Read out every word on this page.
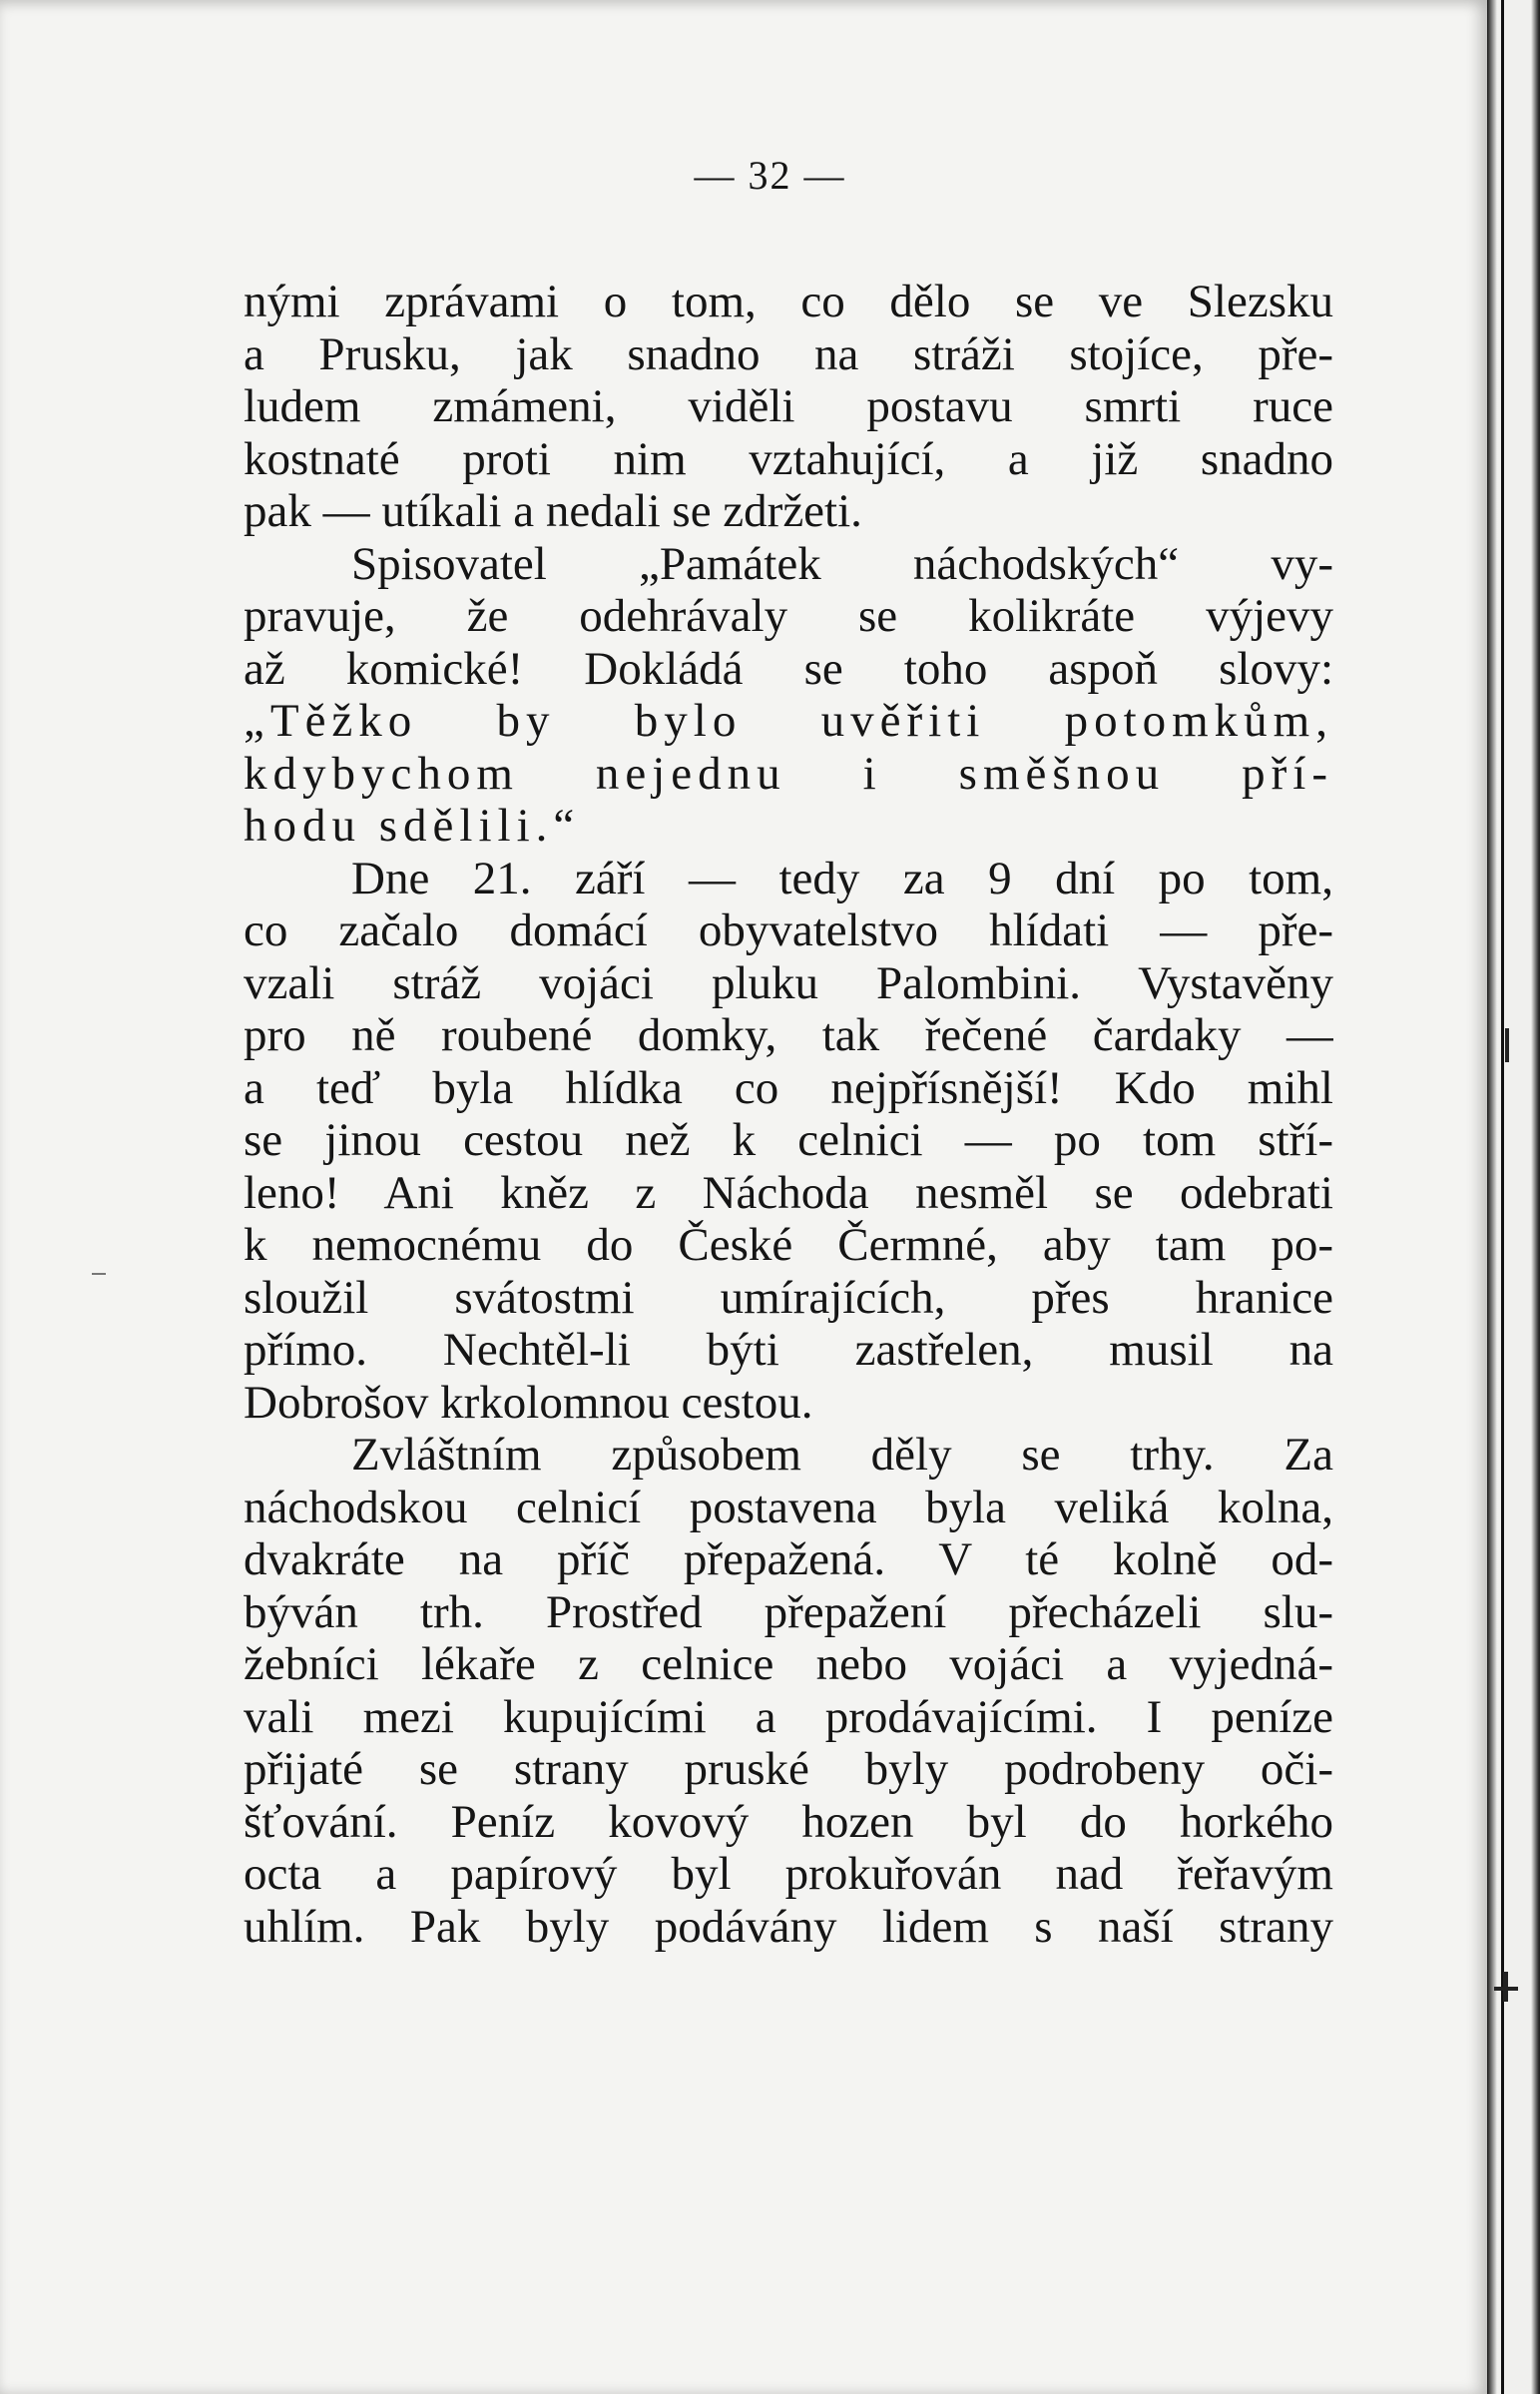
— 32 —
nými zprávami o tom, co dělo se ve Slezsku
a Prusku, jak snadno na stráži stojíce, pře-
ludem zmámeni, viděli postavu smrti ruce
kostnaté proti nim vztahující, a již snadno
pak — utíkali a nedali se zdržeti.
Spisovatel „Památek náchodských“ vy-
pravuje, že odehrávaly se kolikráte výjevy
až komické! Dokládá se toho aspoň slovy:
„Těžko by bylo uvěřiti potomkům,
kdybychom nejednu i směšnou pří-
hodu sdělili.“
Dne 21. září — tedy za 9 dní po tom,
co začalo domácí obyvatelstvo hlídati — pře-
vzali stráž vojáci pluku Palombini. Vystavěny
pro ně roubené domky, tak řečené čardaky —
a teď byla hlídka co nejpřísnější! Kdo mihl
se jinou cestou než k celnici — po tom stří-
leno! Ani kněz z Náchoda nesměl se odebrati
k nemocnému do České Čermné, aby tam po-
sloužil svátostmi umírajících, přes hranice
přímo. Nechtěl-li býti zastřelen, musil na
Dobrošov krkolomnou cestou.
Zvláštním způsobem děly se trhy. Za
náchodskou celnicí postavena byla veliká kolna,
dvakráte na příč přepažená. V té kolně od-
býván trh. Prostřed přepažení přecházeli slu-
žebníci lékaře z celnice nebo vojáci a vyjedná-
vali mezi kupujícími a prodávajícími. I peníze
přijaté se strany pruské byly podrobeny oči-
šťování. Peníz kovový hozen byl do horkého
octa a papírový byl prokuřován nad řeřavým
uhlím. Pak byly podávány lidem s naší strany
